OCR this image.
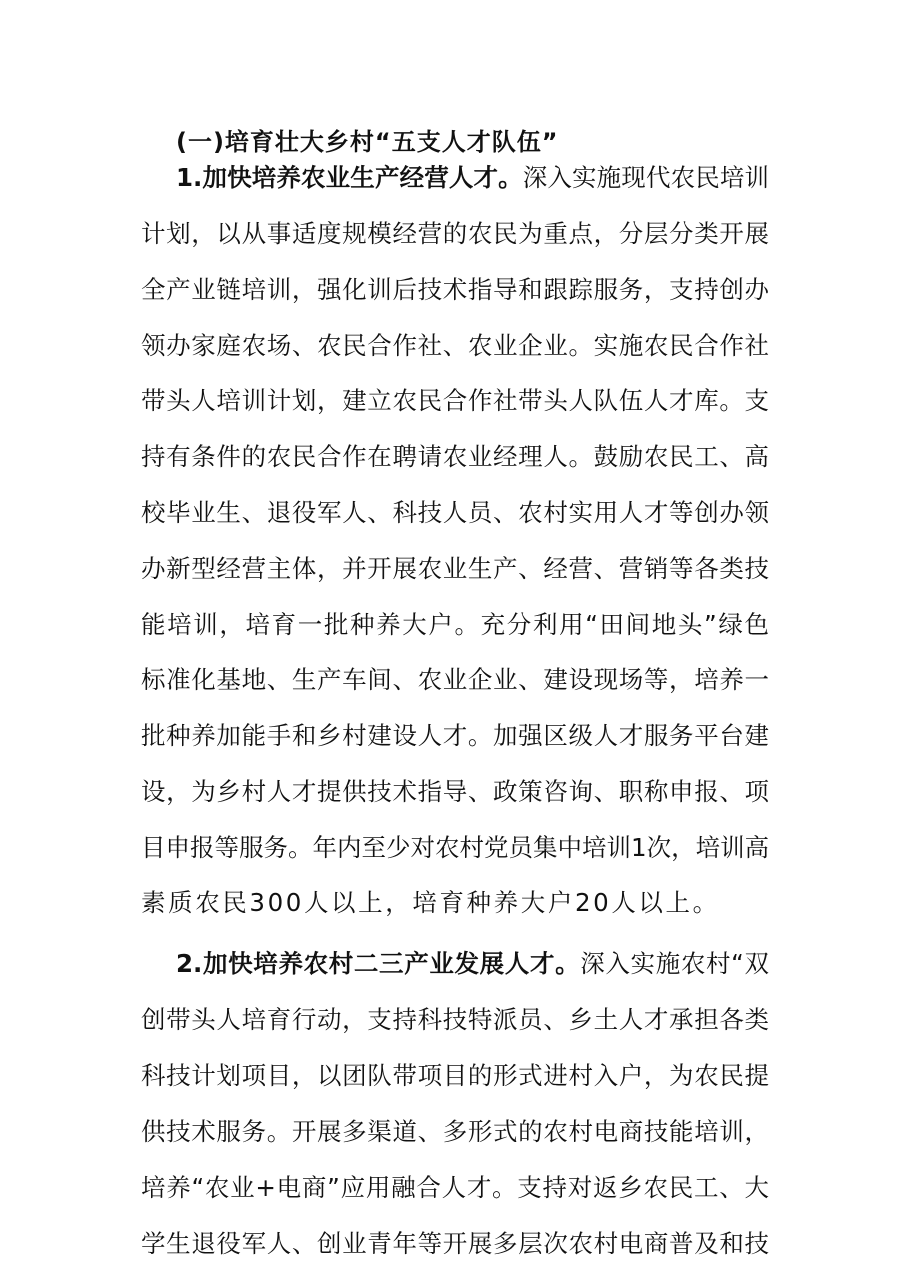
(一)培育壮大乡村“五支人才队伍”
1.加快培养农业生产经营人才。深入实施现代农民培训
计划，以从事适度规模经营的农民为重点，分层分类开展
全产业链培训，强化训后技术指导和跟踪服务，支持创办
领办家庭农场、农民合作社、农业企业。实施农民合作社
带头人培训计划，建立农民合作社带头人队伍人才库。支
持有条件的农民合作在聘请农业经理人。鼓励农民工、高
校毕业生、退役军人、科技人员、农村实用人才等创办领
办新型经营主体，并开展农业生产、经营、营销等各类技
能培训，培育一批种养大户。充分利用“田间地头”绿色
标准化基地、生产车间、农业企业、建设现场等，培养一
批种养加能手和乡村建设人才。加强区级人才服务平台建
设，为乡村人才提供技术指导、政策咨询、职称申报、项
目申报等服务。年内至少对农村党员集中培训1次，培训高
素质农民300人以上，培育种养大户20人以上。
2.加快培养农村二三产业发展人才。深入实施农村“双
创带头人培育行动，支持科技特派员、乡土人才承担各类
科技计划项目，以团队带项目的形式进村入户，为农民提
供技术服务。开展多渠道、多形式的农村电商技能培训，
培养“农业+电商”应用融合人才。支持对返乡农民工、大
学生退役军人、创业青年等开展多层次农村电商普及和技
